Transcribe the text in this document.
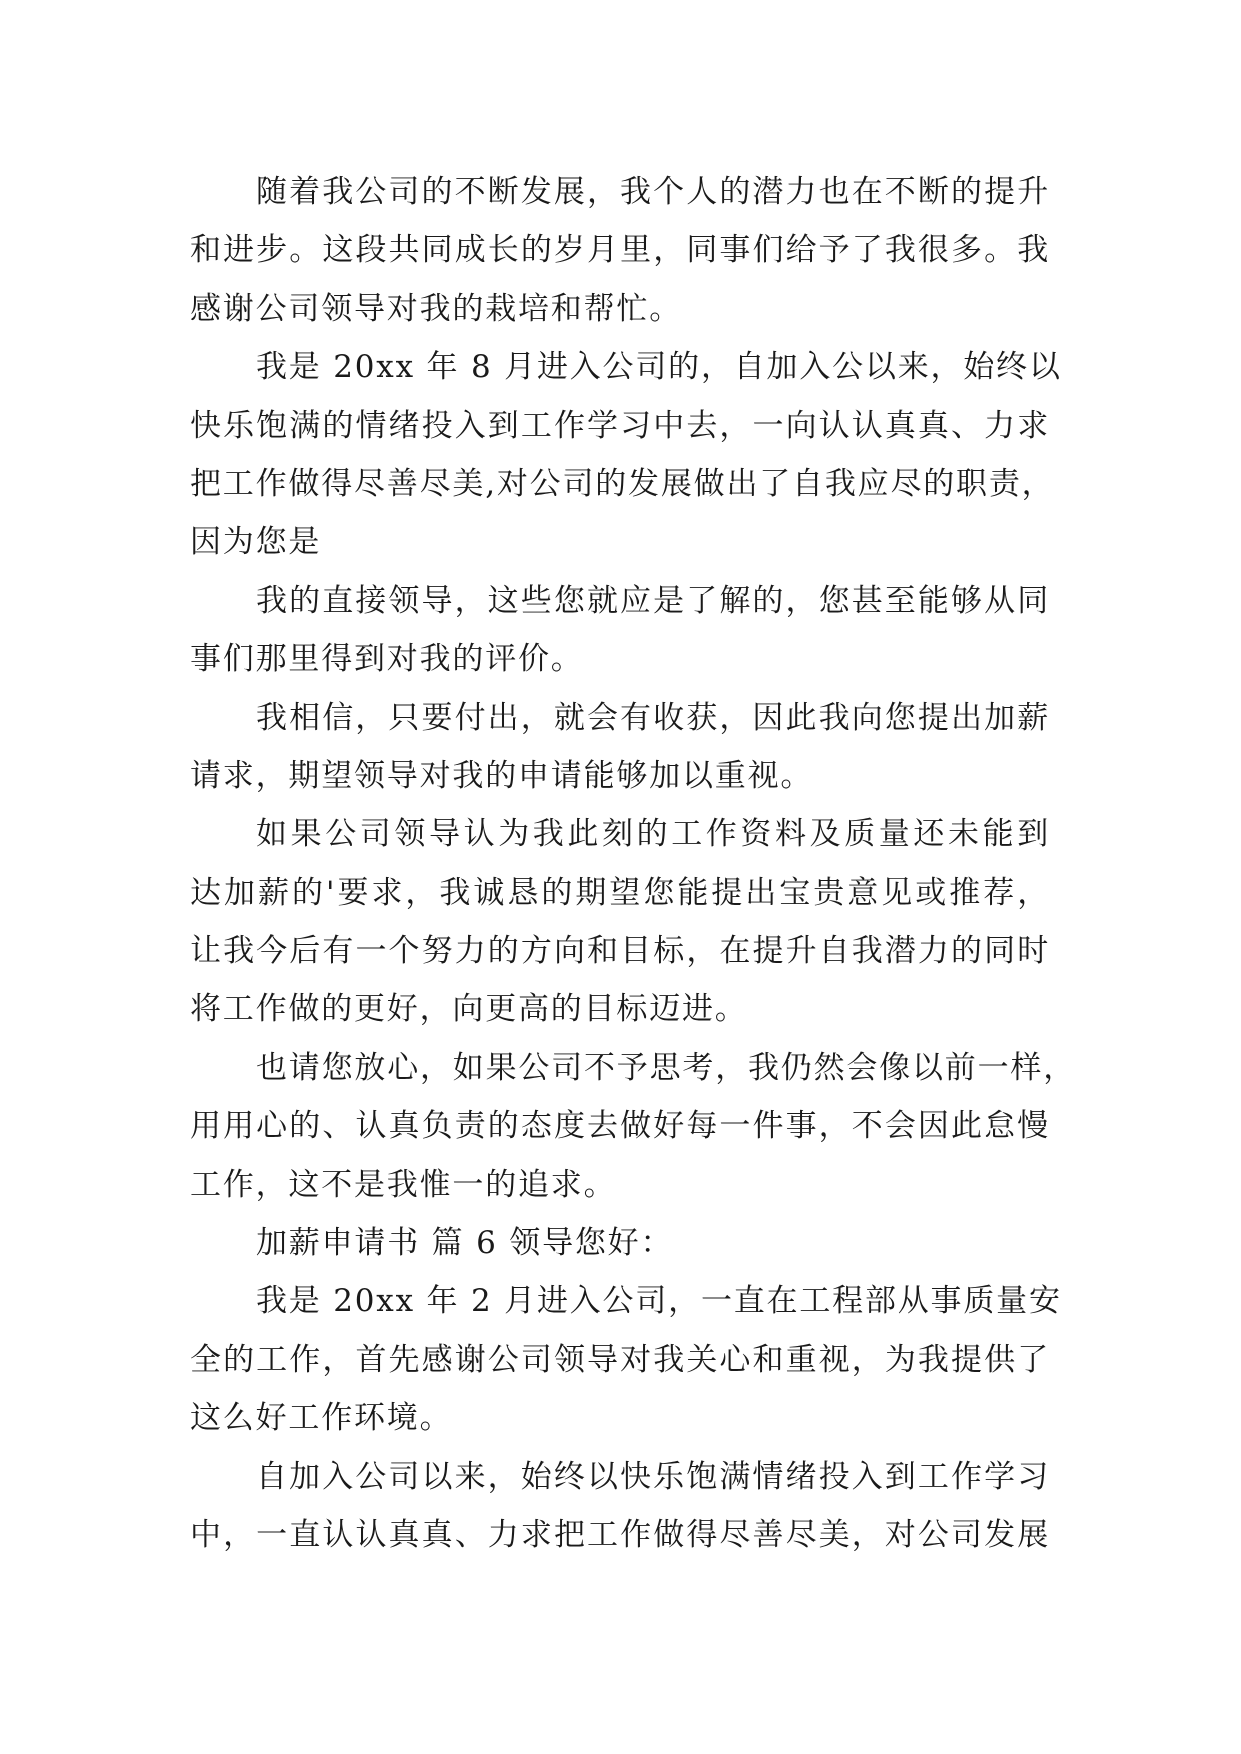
随着我公司的不断发展，我个人的潜力也在不断的提升
和进步。这段共同成长的岁月里，同事们给予了我很多。我
感谢公司领导对我的栽培和帮忙。
我是 20xx 年 8 月进入公司的，自加入公以来，始终以
快乐饱满的情绪投入到工作学习中去，一向认认真真、力求
把工作做得尽善尽美,对公司的发展做出了自我应尽的职责，
因为您是
我的直接领导，这些您就应是了解的，您甚至能够从同
事们那里得到对我的评价。
我相信，只要付出，就会有收获，因此我向您提出加薪
请求，期望领导对我的申请能够加以重视。
如果公司领导认为我此刻的工作资料及质量还未能到
达加薪的'要求，我诚恳的期望您能提出宝贵意见或推荐，
让我今后有一个努力的方向和目标，在提升自我潜力的同时
将工作做的更好，向更高的目标迈进。
也请您放心，如果公司不予思考，我仍然会像以前一样，
用用心的、认真负责的态度去做好每一件事，不会因此怠慢
工作，这不是我惟一的追求。
加薪申请书 篇 6 领导您好：
我是 20xx 年 2 月进入公司，一直在工程部从事质量安
全的工作，首先感谢公司领导对我关心和重视，为我提供了
这么好工作环境。
自加入公司以来，始终以快乐饱满情绪投入到工作学习
中，一直认认真真、力求把工作做得尽善尽美，对公司发展
